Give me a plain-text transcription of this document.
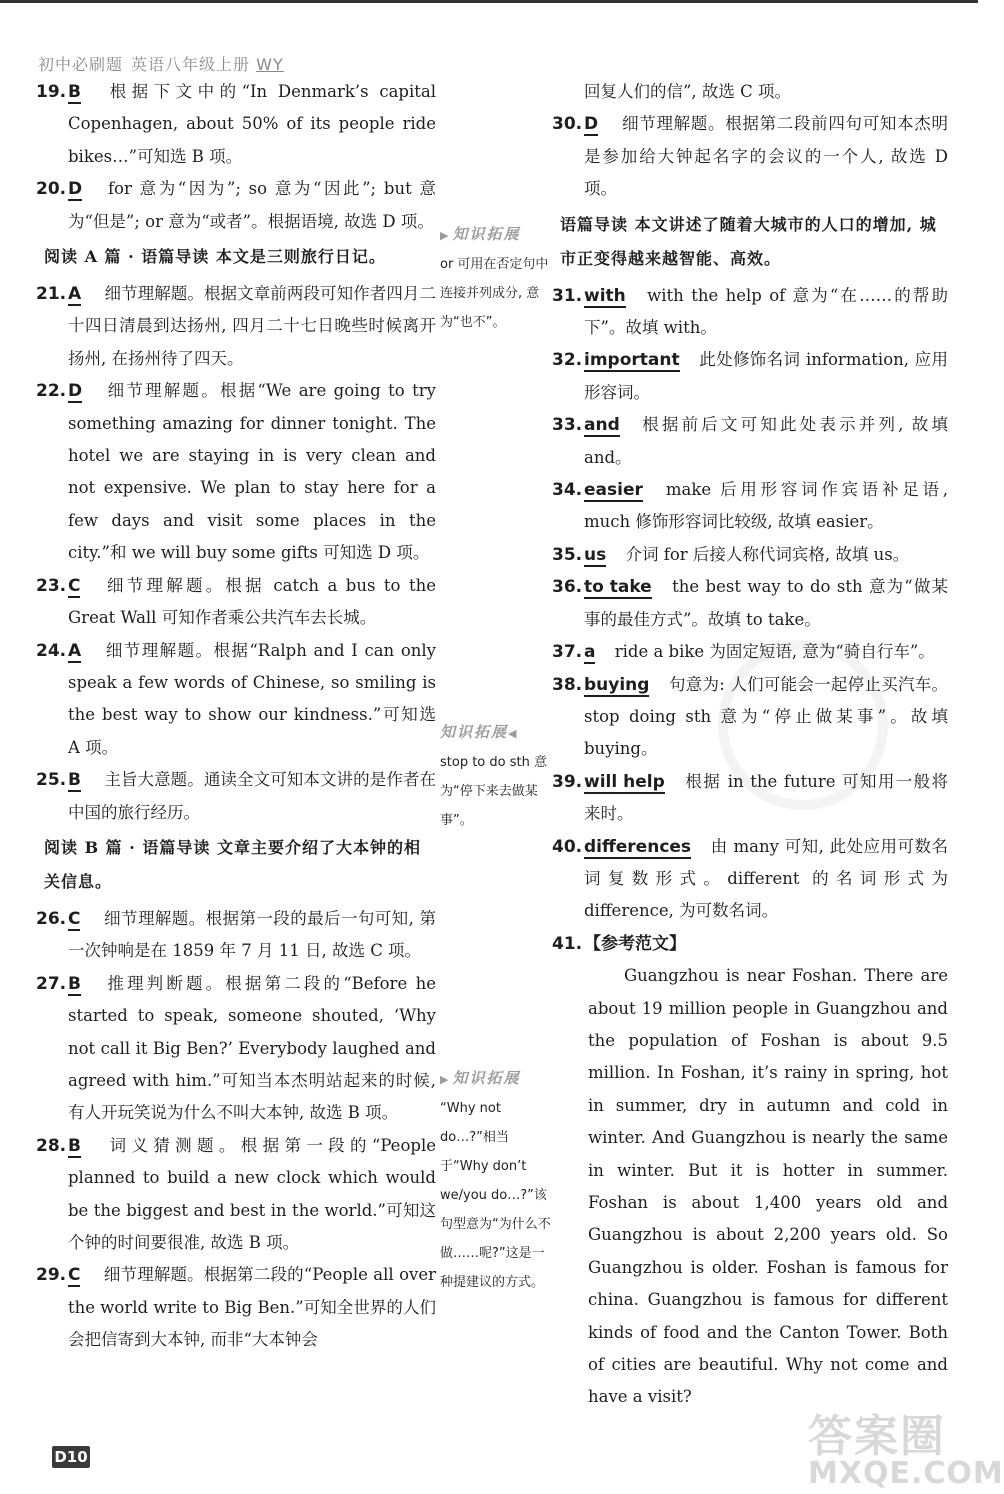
初中必刷题 英语八年级上册 WY
19. B 根据下文中的“In Denmark’s capital Copenhagen, about 50% of its people ride bikes…”可知选 B 项。
20. D for 意为“因为”; so 意为“因此”; but 意为“但是”; or 意为“或者”。根据语境, 故选 D 项。
阅读 A 篇 · 语篇导读 本文是三则旅行日记。
21. A 细节理解题。根据文章前两段可知作者四月二十四日清晨到达扬州, 四月二十七日晚些时候离开扬州, 在扬州待了四天。
22. D 细节理解题。根据“We are going to try something amazing for dinner tonight. The hotel we are staying in is very clean and not expensive. We plan to stay here for a few days and visit some places in the city.”和 we will buy some gifts 可知选 D 项。
23. C 细节理解题。根据 catch a bus to the Great Wall 可知作者乘公共汽车去长城。
24. A 细节理解题。根据“Ralph and I can only speak a few words of Chinese, so smiling is the best way to show our kindness.”可知选 A 项。
25. B 主旨大意题。通读全文可知本文讲的是作者在中国的旅行经历。
阅读 B 篇 · 语篇导读 文章主要介绍了大本钟的相关信息。
26. C 细节理解题。根据第一段的最后一句可知, 第一次钟响是在 1859 年 7 月 11 日, 故选 C 项。
27. B 推理判断题。根据第二段的“Before he started to speak, someone shouted, ‘Why not call it Big Ben?’ Everybody laughed and agreed with him.”可知当本杰明站起来的时候, 有人开玩笑说为什么不叫大本钟, 故选 B 项。
28. B 词义猜测题。根据第一段的“People planned to build a new clock which would be the biggest and best in the world.”可知这个钟的时间要很准, 故选 B 项。
29. C 细节理解题。根据第二段的“People all over the world write to Big Ben.”可知全世界的人们会把信寄到大本钟, 而非“大本钟会
▶ 知识拓展
or 可用在否定句中连接并列成分, 意为“也不”。
知识拓展◀
stop to do sth 意为“停下来去做某事”。
▶ 知识拓展
“Why not do…?”相当于“Why don’t we/you do…?”该句型意为“为什么不做……呢?”这是一种提建议的方式。
回复人们的信”, 故选 C 项。
30. D 细节理解题。根据第二段前四句可知本杰明是参加给大钟起名字的会议的一个人, 故选 D 项。
语篇导读 本文讲述了随着大城市的人口的增加, 城市正变得越来越智能、高效。
31. with with the help of 意为“在……的帮助下”。故填 with。
32. important 此处修饰名词 information, 应用形容词。
33. and 根据前后文可知此处表示并列, 故填 and。
34. easier make 后用形容词作宾语补足语, much 修饰形容词比较级, 故填 easier。
35. us 介词 for 后接人称代词宾格, 故填 us。
36. to take the best way to do sth 意为“做某事的最佳方式”。故填 to take。
37. a ride a bike 为固定短语, 意为“骑自行车”。
38. buying 句意为: 人们可能会一起停止买汽车。stop doing sth 意为“停止做某事”。故填 buying。
39. will help 根据 in the future 可知用一般将来时。
40. differences 由 many 可知, 此处应用可数名词复数形式。different 的名词形式为 difference, 为可数名词。
41. 【参考范文】
Guangzhou is near Foshan. There are about 19 million people in Guangzhou and the population of Foshan is about 9.5 million. In Foshan, it’s rainy in spring, hot in summer, dry in autumn and cold in winter. And Guangzhou is nearly the same in winter. But it is hotter in summer. Foshan is about 1,400 years old and Guangzhou is about 2,200 years old. So Guangzhou is older. Foshan is famous for china. Guangzhou is famous for different kinds of food and the Canton Tower. Both of cities are beautiful. Why not come and have a visit?
D10	答案圈
MXQE.COM
